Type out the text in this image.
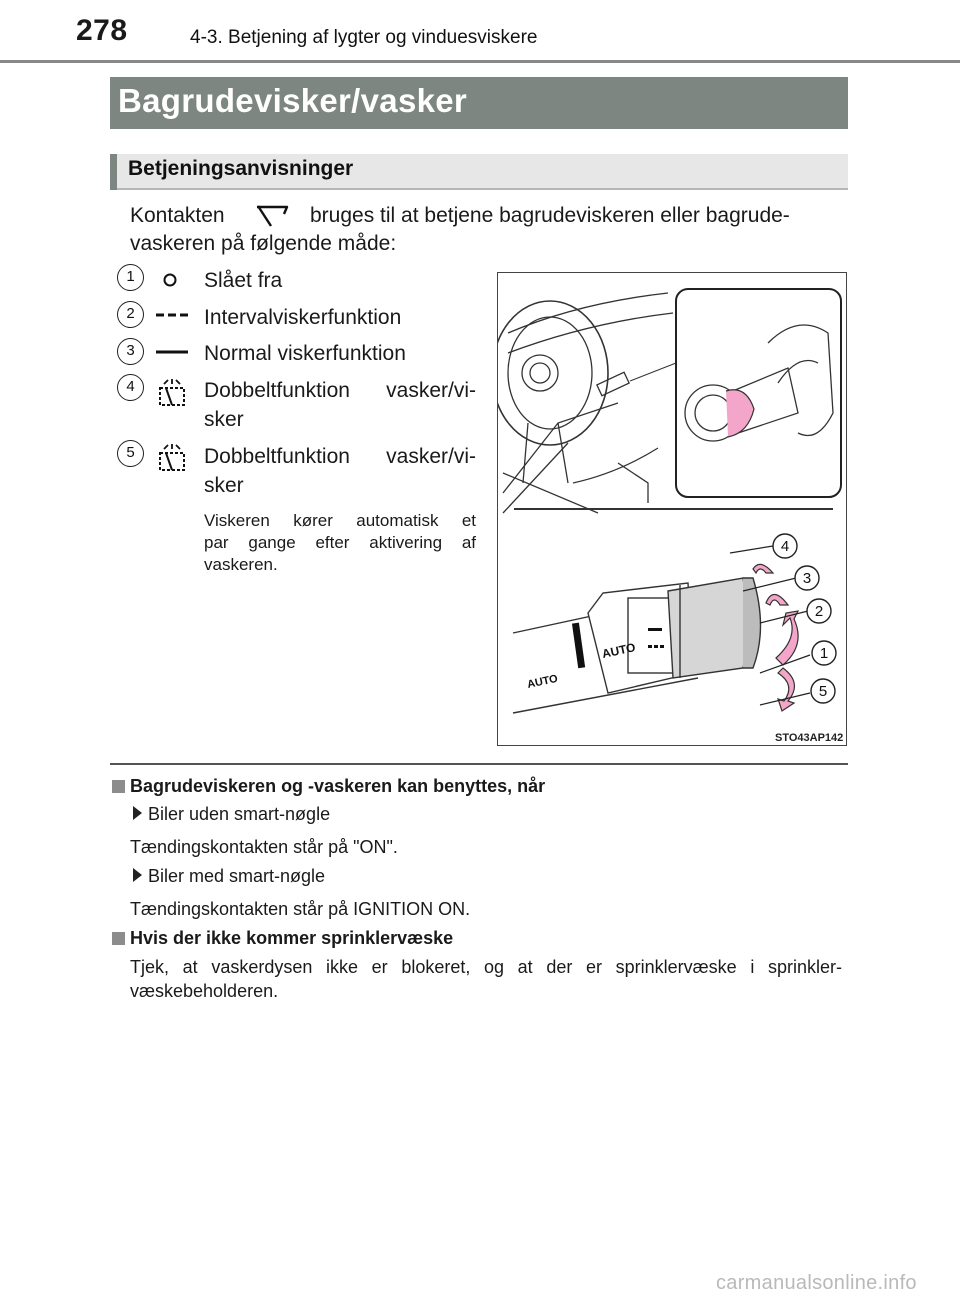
278	4-3. Betjening af lygter og vinduesviskere
Bagrudevisker/vasker
Betjeningsanvisninger
Kontakten	bruges til at betjene bagrudeviskeren eller bagrude-
vaskeren på følgende måde:
1	Slået fra
2	Intervalviskerfunktion
3	Normal viskerfunktion
4	Dobbeltfunktion vasker/vi-
sker
5	Dobbeltfunktion vasker/vi-
sker
Viskeren kører automatisk et
par gange efter aktivering af
vaskeren.
AUTO
AUTO
4
3
2
1
5
STO43AP142
Bagrudeviskeren og -vaskeren kan benyttes, når
Biler uden smart-nøgle
Tændingskontakten står på "ON".
Biler med smart-nøgle
Tændingskontakten står på IGNITION ON.
Hvis der ikke kommer sprinklervæske
Tjek, at vaskerdysen ikke er blokeret, og at der er sprinklervæske i sprinkler-
væskebeholderen.
carmanualsonline.info
